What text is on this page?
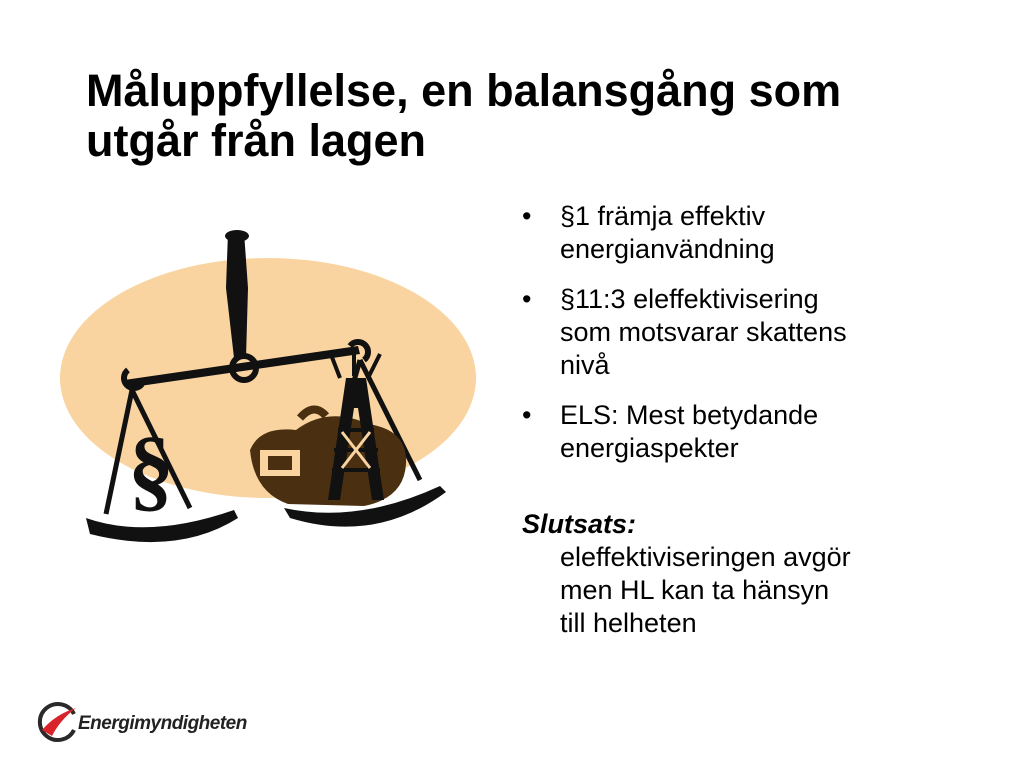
Måluppfyllelse, en balansgång som
utgår från lagen
§
• §1 främja effektiv
energianvändning
• §11:3 eleffektivisering
som motsvarar skattens
nivå
• ELS: Mest betydande
energiaspekter

Slutsats:
eleffektiviseringen avgör
men HL kan ta hänsyn
till helheten

Energimyndigheten
